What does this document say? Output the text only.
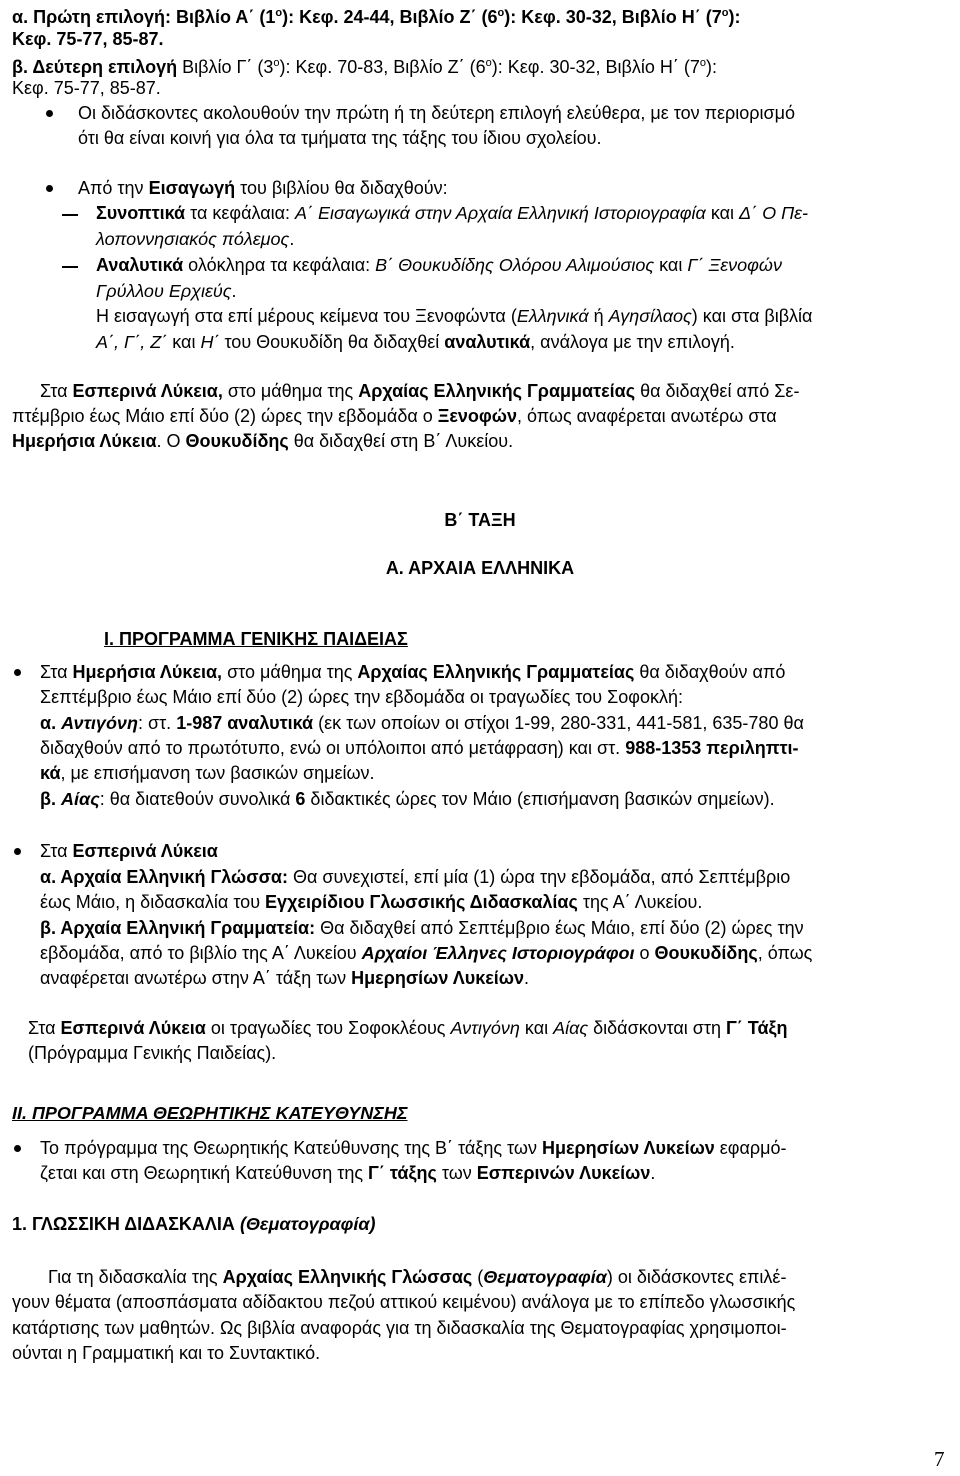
α. Πρώτη επιλογή: Βιβλίο Α΄ $(1^o)$: Κεφ. 24-44, Βιβλίο Ζ΄ $(6^o)$: Κεφ. 30-32, Βιβλίο Η΄ $(7^o)$:
Κεφ. 75-77, 85-87.
β. Δεύτερη επιλογή Βιβλίο Γ΄ $(3^o)$: Κεφ. 70-83, Βιβλίο Ζ΄ $(6^o)$: Κεφ. 30-32, Βιβλίο Η΄ $(7^o)$:
Κεφ. 75-77, 85-87.
Οι διδάσκοντες ακολουθούν την πρώτη ή τη δεύτερη επιλογή ελεύθερα, με τον περιορισμό
ότι θα είναι κοινή για όλα τα τμήματα της τάξης του ίδιου σχολείου.
Από την Εισαγωγή του βιβλίου θα διδαχθούν:
Συνοπτικά τα κεφάλαια: Α΄ Εισαγωγικά στην Αρχαία Ελληνική Ιστοριογραφία και Δ΄ Ο Πε-
λοποννησιακός πόλεμος.
Αναλυτικά ολόκληρα τα κεφάλαια: Β΄ Θουκυδίδης Ολόρου Αλιμούσιος και Γ΄ Ξενοφών
Γρύλλου Ερχιεύς.
Η εισαγωγή στα επί μέρους κείμενα του Ξενοφώντα (Ελληνικά ή Αγησίλαος) και στα βιβλία
Α΄, Γ΄, Ζ΄ και Η΄ του Θουκυδίδη θα διδαχθεί αναλυτικά, ανάλογα με την επιλογή.
Στα Εσπερινά Λύκεια, στο μάθημα της Αρχαίας Ελληνικής Γραμματείας θα διδαχθεί από Σε-
πτέμβριο έως Μάιο επί δύο (2) ώρες την εβδομάδα ο Ξενοφών, όπως αναφέρεται ανωτέρω στα
Ημερήσια Λύκεια. Ο Θουκυδίδης θα διδαχθεί στη Β΄ Λυκείου.
Β΄ ΤΑΞΗ
Α. ΑΡΧΑΙΑ ΕΛΛΗΝΙΚΑ
Ι. ΠΡΟΓΡΑΜΜΑ ΓΕΝΙΚΗΣ ΠΑΙΔΕΙΑΣ
Στα Ημερήσια Λύκεια, στο μάθημα της Αρχαίας Ελληνικής Γραμματείας θα διδαχθούν από
Σεπτέμβριο έως Μάιο επί δύο (2) ώρες την εβδομάδα οι τραγωδίες του Σοφοκλή:
α. Αντιγόνη: στ. 1-987 αναλυτικά (εκ των οποίων οι στίχοι 1-99, 280-331, 441-581, 635-780 θα
διδαχθούν από το πρωτότυπο, ενώ οι υπόλοιποι από μετάφραση) και στ. 988-1353 περιληπτι-
κά, με επισήμανση των βασικών σημείων.
β. Αίας: θα διατεθούν συνολικά 6 διδακτικές ώρες τον Μάιο (επισήμανση βασικών σημείων).
Στα Εσπερινά Λύκεια
α. Αρχαία Ελληνική Γλώσσα: Θα συνεχιστεί, επί μία (1) ώρα την εβδομάδα, από Σεπτέμβριο
έως Μάιο, η διδασκαλία του Εγχειρίδιου Γλωσσικής Διδασκαλίας της Α΄ Λυκείου.
β. Αρχαία Ελληνική Γραμματεία: Θα διδαχθεί από Σεπτέμβριο έως Μάιο, επί δύο (2) ώρες την
εβδομάδα, από το βιβλίο της Α΄ Λυκείου Αρχαίοι Έλληνες Ιστοριογράφοι ο Θουκυδίδης, όπως
αναφέρεται ανωτέρω στην Α΄ τάξη των Ημερησίων Λυκείων.
Στα Εσπερινά Λύκεια οι τραγωδίες του Σοφοκλέους Αντιγόνη και Αίας διδάσκονται στη Γ΄ Τάξη
(Πρόγραμμα Γενικής Παιδείας).
ΙΙ. ΠΡΟΓΡΑΜΜΑ ΘΕΩΡΗΤΙΚΗΣ ΚΑΤΕΥΘΥΝΣΗΣ
Το πρόγραμμα της Θεωρητικής Κατεύθυνσης της Β΄ τάξης των Ημερησίων Λυκείων εφαρμό-
ζεται και στη Θεωρητική Κατεύθυνση της Γ΄ τάξης των Εσπερινών Λυκείων.
1. ΓΛΩΣΣΙΚΗ ΔΙΔΑΣΚΑΛΙΑ (Θεματογραφία)
Για τη διδασκαλία της Αρχαίας Ελληνικής Γλώσσας (Θεματογραφία) οι διδάσκοντες επιλέ-
γουν θέματα (αποσπάσματα αδίδακτου πεζού αττικού κειμένου) ανάλογα με το επίπεδο γλωσσικής
κατάρτισης των μαθητών. Ως βιβλία αναφοράς για τη διδασκαλία της Θεματογραφίας χρησιμοποι-
ούνται η Γραμματική και το Συντακτικό.
7
